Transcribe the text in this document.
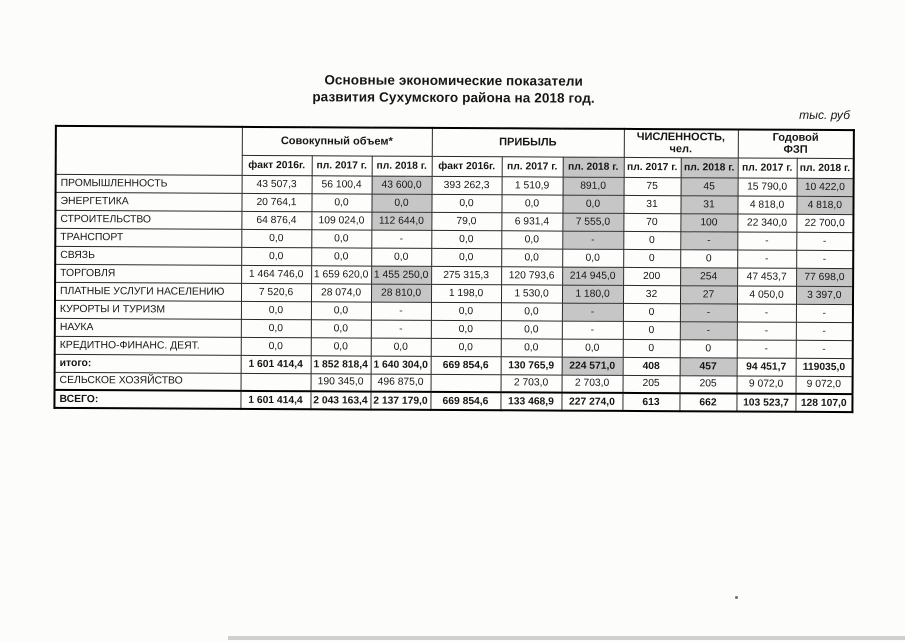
Основные экономические показатели
развития Сухумского района на 2018 год.
тыс. руб
	Совокупный объем*			ПРИБЫЛЬ			ЧИСЛЕННОСТЬ, чел.		Годовой
ФЗП	
	факт 2016г.	пл. 2017 г.	пл. 2018 г.	факт 2016г.	пл. 2017 г.	пл. 2018 г.	пл. 2017 г.	пл. 2018 г.	пл. 2017 г.	пл. 2018 г.
ПРОМЫШЛЕННОСТЬ	43 507,3	56 100,4	43 600,0	393 262,3	1 510,9	891,0	75	45	15 790,0	10 422,0
ЭНЕРГЕТИКА	20 764,1	0,0	0,0	0,0	0,0	0,0	31	31	4 818,0	4 818,0
СТРОИТЕЛЬСТВО	64 876,4	109 024,0	112 644,0	79,0	6 931,4	7 555,0	70	100	22 340,0	22 700,0
ТРАНСПОРТ	0,0	0,0	-	0,0	0,0	-	0	-	-	-
СВЯЗЬ	0,0	0,0	0,0	0,0	0,0	0,0	0	0	-	-
ТОРГОВЛЯ	1 464 746,0	1 659 620,0	1 455 250,0	275 315,3	120 793,6	214 945,0	200	254	47 453,7	77 698,0
ПЛАТНЫЕ УСЛУГИ НАСЕЛЕНИЮ	7 520,6	28 074,0	28 810,0	1 198,0	1 530,0	1 180,0	32	27	4 050,0	3 397,0
КУРОРТЫ И ТУРИЗМ	0,0	0,0	-	0,0	0,0	-	0	-	-	-
НАУКА	0,0	0,0	-	0,0	0,0	-	0	-	-	-
КРЕДИТНО-ФИНАНС. ДЕЯТ.	0,0	0,0	0,0	0,0	0,0	0,0	0	0	-	-
итого:	1 601 414,4	1 852 818,4	1 640 304,0	669 854,6	130 765,9	224 571,0	408	457	94 451,7	119035,0
СЕЛЬСКОЕ ХОЗЯЙСТВО		190 345,0	496 875,0		2 703,0	2 703,0	205	205	9 072,0	9 072,0
ВСЕГО:	1 601 414,4	2 043 163,4	2 137 179,0	669 854,6	133 468,9	227 274,0	613	662	103 523,7	128 107,0
